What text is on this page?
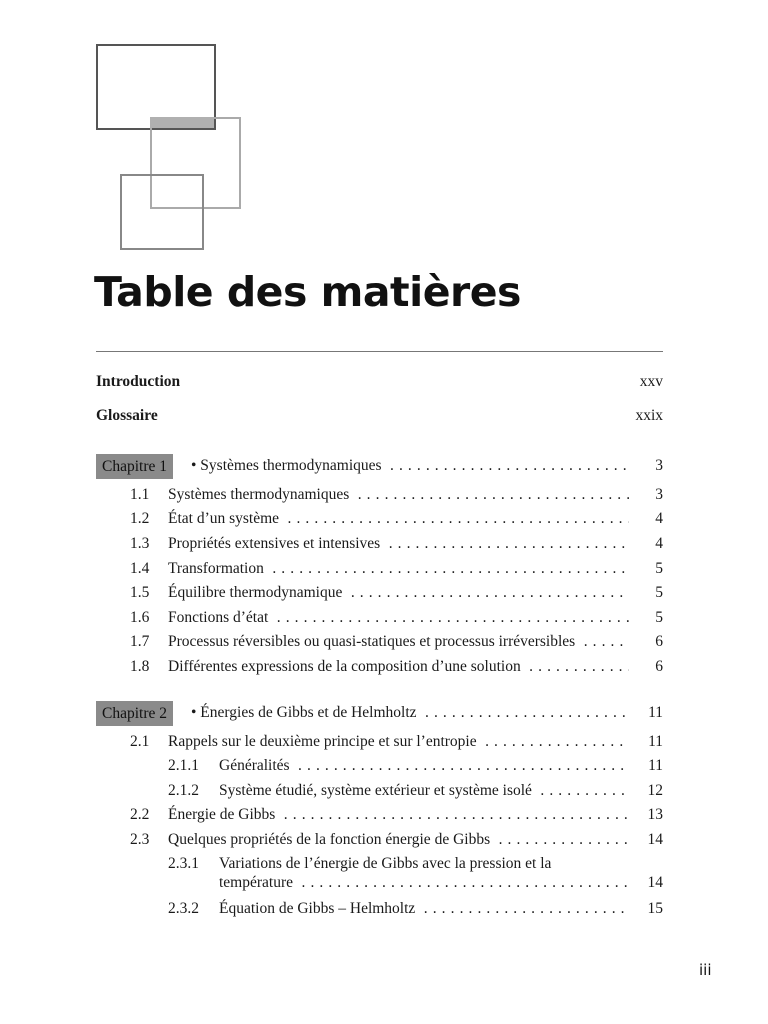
Table des matières
Introduction	xxv
Glossaire	xxix
Chapitre 1	• Systèmes thermodynamiques . . .	3
1.1 Systèmes thermodynamiques . . .	3
1.2 État d’un système . . .	4
1.3 Propriétés extensives et intensives . . .	4
1.4 Transformation . . .	5
1.5 Équilibre thermodynamique . . .	5
1.6 Fonctions d’état . . .	5
1.7 Processus réversibles ou quasi-statiques et processus irréversibles . . .	6
1.8 Différentes expressions de la composition d’une solution . . .	6
Chapitre 2	• Énergies de Gibbs et de Helmholtz . . .	11
2.1 Rappels sur le deuxième principe et sur l’entropie . . .	11
2.1.1 Généralités . . .	11
2.1.2 Système étudié, système extérieur et système isolé . . .	12
2.2 Énergie de Gibbs . . .	13
2.3 Quelques propriétés de la fonction énergie de Gibbs . . .	14
2.3.1 Variations de l’énergie de Gibbs avec la pression et la
température . . .	14
2.3.2 Équation de Gibbs – Helmholtz . . .	15
iii
